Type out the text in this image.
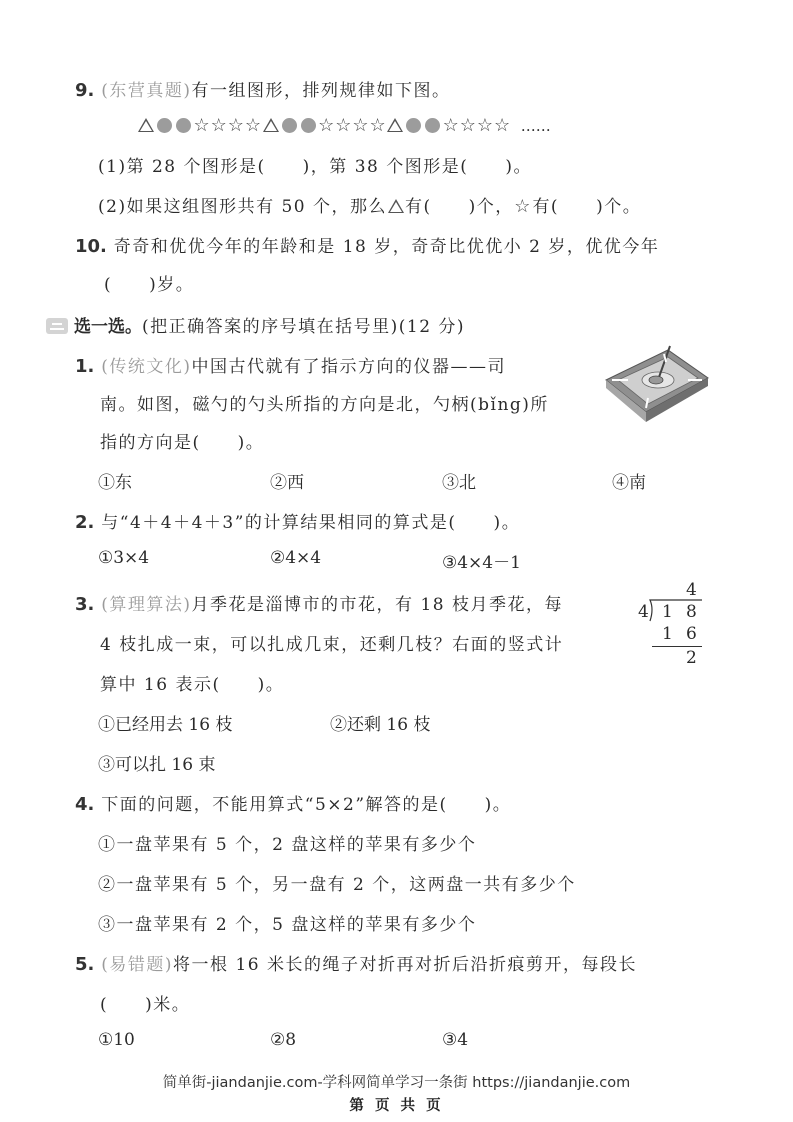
9. (东营真题)有一组图形，排列规律如下图。
☆☆☆☆	☆☆☆☆	☆☆☆☆ ……
(1)第 28 个图形是(　　)，第 38 个图形是(　　)。
(2)如果这组图形共有 50 个，那么 有(　　)个，☆有(　　)个。
10. 奇奇和优优今年的年龄和是 18 岁，奇奇比优优小 2 岁，优优今年
(　　)岁。
选一选。(把正确答案的序号填在括号里)(12 分)
1. (传统文化)中国古代就有了指示方向的仪器——司
南。如图，磁勺的勺头所指的方向是北，勺柄(bǐng)所
指的方向是(　　)。
①东	②西	③北	④南
2. 与“4＋4＋4＋3”的计算结果相同的算式是(　　)。
①3×4	②4×4	③4×4－1
3. (算理算法)月季花是淄博市的市花，有 18 枝月季花，每
4 枝扎成一束，可以扎成几束，还剩几枝？右面的竖式计
算中 16 表示(　　)。
4
4 1 8
1 6
2
①已经用去 16 枝	②还剩 16 枝
③可以扎 16 束
4. 下面的问题，不能用算式“5×2”解答的是(　　)。
①一盘苹果有 5 个，2 盘这样的苹果有多少个
②一盘苹果有 5 个，另一盘有 2 个，这两盘一共有多少个
③一盘苹果有 2 个，5 盘这样的苹果有多少个
5. (易错题)将一根 16 米长的绳子对折再对折后沿折痕剪开，每段长
(　　)米。
①10	②8	③4
简单街-jiandanjie.com-学科网简单学习一条街 https://jiandanjie.com
第 页 共 页
